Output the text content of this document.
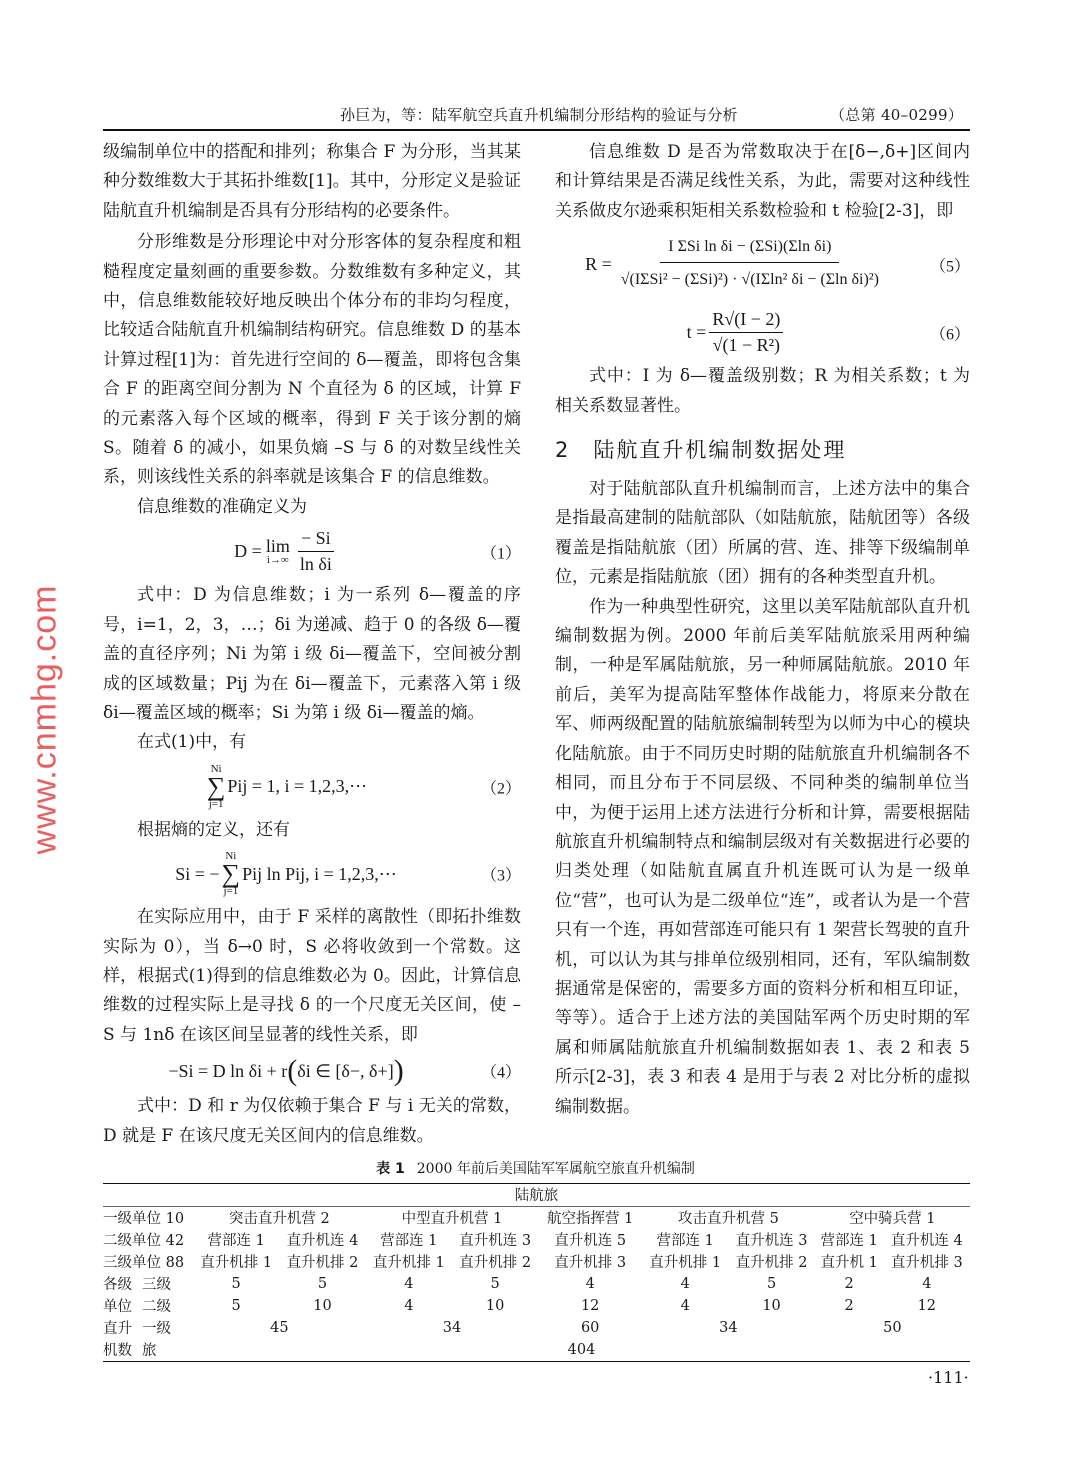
孙巨为，等：陆军航空兵直升机编制分形结构的验证与分析	（总第 40–0299）
级编制单位中的搭配和排列；称集合 F 为分形，当其某种分数维数大于其拓扑维数[1]。其中，分形定义是验证陆航直升机编制是否具有分形结构的必要条件。
分形维数是分形理论中对分形客体的复杂程度和粗糙程度定量刻画的重要参数。分数维数有多种定义，其中，信息维数能较好地反映出个体分布的非均匀程度，比较适合陆航直升机编制结构研究。信息维数 D 的基本计算过程[1]为：首先进行空间的 δ—覆盖，即将包含集合 F 的距离空间分割为 N 个直径为 δ 的区域，计算 F 的元素落入每个区域的概率，得到 F 关于该分割的熵 S。随着 δ 的减小，如果负熵 –S 与 δ 的对数呈线性关系，则该线性关系的斜率就是该集合 F 的信息维数。
信息维数的准确定义为
D = lim
$i\to\infty \frac{- Si}{\text{ln δi}}$	（1）
式中：D 为信息维数；i 为一系列 δ—覆盖的序号，i=1，2，3，…；δi 为递减、趋于 0 的各级 δ—覆盖的直径序列；Ni 为第 i 级 δi—覆盖下，空间被分割成的区域数量；Pij 为在 δi—覆盖下，元素落入第 i 级 δi—覆盖区域的概率；Si 为第 i 级 δi—覆盖的熵。
在式(1)中，有
Ni
∑
j=1
Pij = 1, i = 1,2,3,⋯	（2）
根据熵的定义，还有
Si = −
Ni
∑
j=1
Pij ln Pij, i = 1,2,3,⋯	（3）
在实际应用中，由于 F 采样的离散性（即拓扑维数实际为 0），当 δ→0 时，S 必将收敛到一个常数。这样，根据式(1)得到的信息维数必为 0。因此，计算信息维数的过程实际上是寻找 δ 的一个尺度无关区间，使 –S 与 1nδ 在该区间呈显著的线性关系，即
−Si = D ln δi + r ( δi ∈ [δ−, δ+] )	（4）
式中：D 和 r 为仅依赖于集合 F 与 i 无关的常数，D 就是 F 在该尺度无关区间内的信息维数。
信息维数 D 是否为常数取决于在[δ−,δ+]区间内和计算结果是否满足线性关系，为此，需要对这种线性关系做皮尔逊乘积矩相关系数检验和 t 检验[2-3]，即
$R = \frac{\text{I ΣSi ln δi − (ΣSi)(Σln δi)}}{\text{√(IΣSi² − (ΣSi)²) · √(IΣln² δi − (Σln δi)²)}}$	（5）
$t = \frac{R√(I - 2)}{\text{√(1 − R²)}}$	（6）
式中：I 为 δ—覆盖级别数；R 为相关系数；t 为相关系数显著性。
2　陆航直升机编制数据处理
对于陆航部队直升机编制而言，上述方法中的集合是指最高建制的陆航部队（如陆航旅，陆航团等）各级覆盖是指陆航旅（团）所属的营、连、排等下级编制单位，元素是指陆航旅（团）拥有的各种类型直升机。
作为一种典型性研究，这里以美军陆航部队直升机编制数据为例。2000 年前后美军陆航旅采用两种编制，一种是军属陆航旅，另一种师属陆航旅。2010 年前后，美军为提高陆军整体作战能力，将原来分散在军、师两级配置的陆航旅编制转型为以师为中心的模块化陆航旅。由于不同历史时期的陆航旅直升机编制各不相同，而且分布于不同层级、不同种类的编制单位当中，为便于运用上述方法进行分析和计算，需要根据陆航旅直升机编制特点和编制层级对有关数据进行必要的归类处理（如陆航直属直升机连既可认为是一级单位“营”，也可认为是二级单位“连”，或者认为是一个营只有一个连，再如营部连可能只有 1 架营长驾驶的直升机，可以认为其与排单位级别相同，还有，军队编制数据通常是保密的，需要多方面的资料分析和相互印证，等等）。适合于上述方法的美国陆军两个历史时期的军属和师属陆航旅直升机编制数据如表 1、表 2 和表 5 所示[2-3]，表 3 和表 4 是用于与表 2 对比分析的虚拟编制数据。
表 1 2000 年前后美国陆军军属航空旅直升机编制
陆航旅									
一级单位 10	突击直升机营 2		中型直升机营 1		航空指挥营 1	攻击直升机营 5		空中骑兵营 1	
二级单位 42	营部连 1	直升机连 4	营部连 1	直升机连 3	直升机连 5	营部连 1	直升机连 3	营部连 1	直升机连 4
三级单位 88	直升机排 1	直升机排 2	直升机排 1	直升机排 2	直升机排 3	直升机排 1	直升机排 2	直升机 1	直升机排 3
各级 三级	5	5	4	5	4	4	5	2	4
单位 二级	5	10	4	10	12	4	10	2	12
直升 一级	45		34		60	34		50	
机数 旅	404								
·111·
www.cnmhg.com
